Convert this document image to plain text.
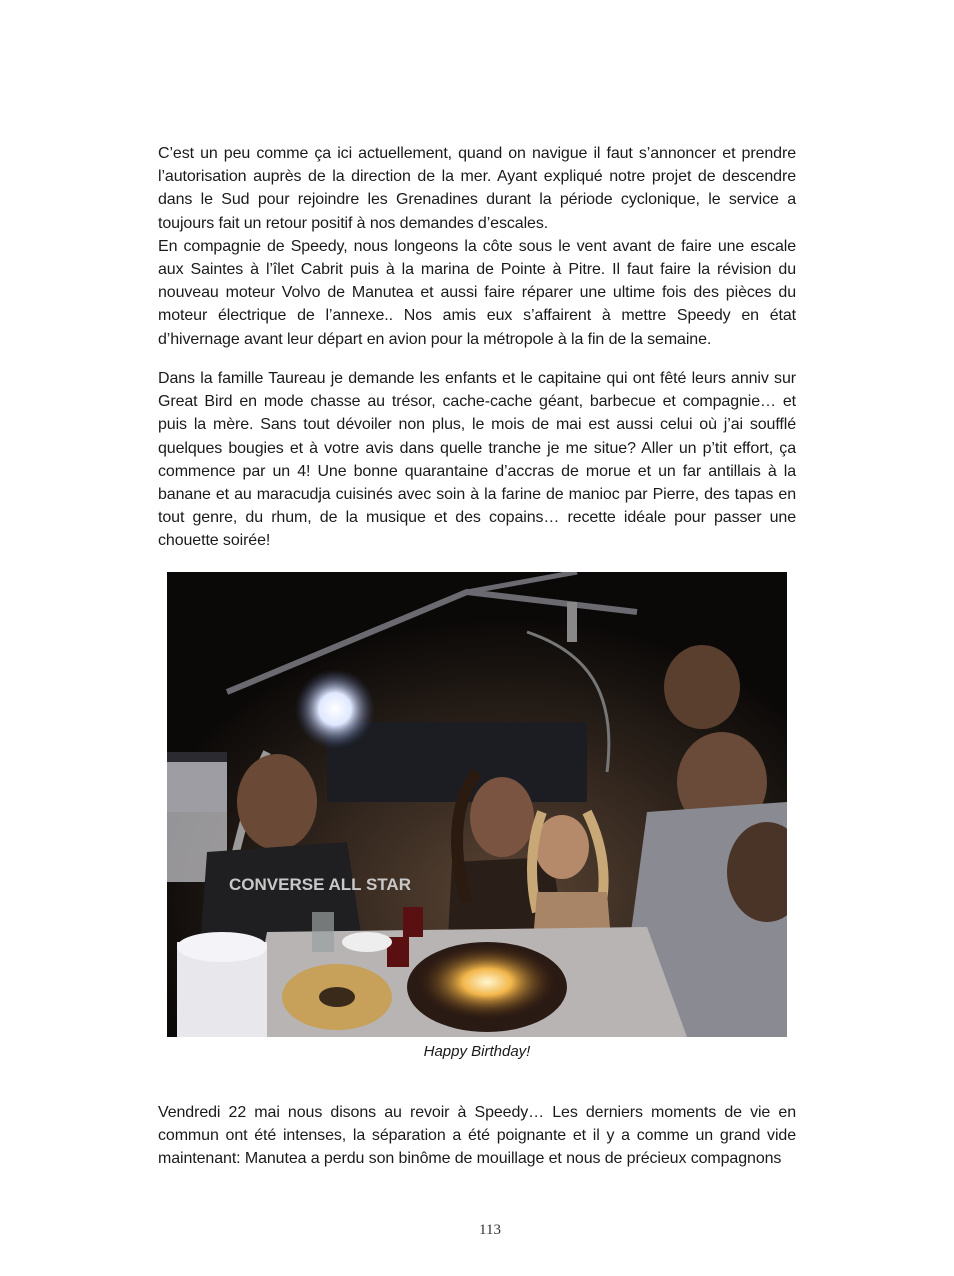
C’est un peu comme ça ici actuellement, quand on navigue il faut s’annoncer et prendre l’autorisation auprès de la direction de la mer. Ayant expliqué notre projet de descendre dans le Sud pour rejoindre les Grenadines durant la période cyclonique, le service a toujours fait un retour positif à nos demandes d’escales.
En compagnie de Speedy, nous longeons la côte sous le vent avant de faire une escale aux Saintes à l’îlet Cabrit puis à la marina de Pointe à Pitre. Il faut faire la révision du nouveau moteur Volvo de Manutea et aussi faire réparer une ultime fois des pièces du moteur électrique de l’annexe.. Nos amis eux s’affairent à mettre Speedy en état d’hivernage avant leur départ en avion pour la métropole à la fin de la semaine.

Dans la famille Taureau je demande les enfants et le capitaine qui ont fêté leurs anniv sur Great Bird en mode chasse au trésor, cache-cache géant, barbecue et compagnie… et puis la mère. Sans tout dévoiler non plus, le mois de mai est aussi celui où j’ai soufflé quelques bougies et à votre avis dans quelle tranche je me situe? Aller un p’tit effort, ça commence par un 4! Une bonne quarantaine d’accras de morue et un far antillais à la banane et au maracudja cuisinés avec soin à la farine de manioc par Pierre, des tapas en tout genre, du rhum, de la musique et des copains… recette idéale pour passer une chouette soirée!

CONVERSE ALL STAR
Happy Birthday!

Vendredi 22 mai nous disons au revoir à Speedy… Les derniers moments de vie en commun ont été intenses, la séparation a été poignante et il y a comme un grand vide maintenant: Manutea a perdu son binôme de mouillage et nous de précieux compagnons

113
